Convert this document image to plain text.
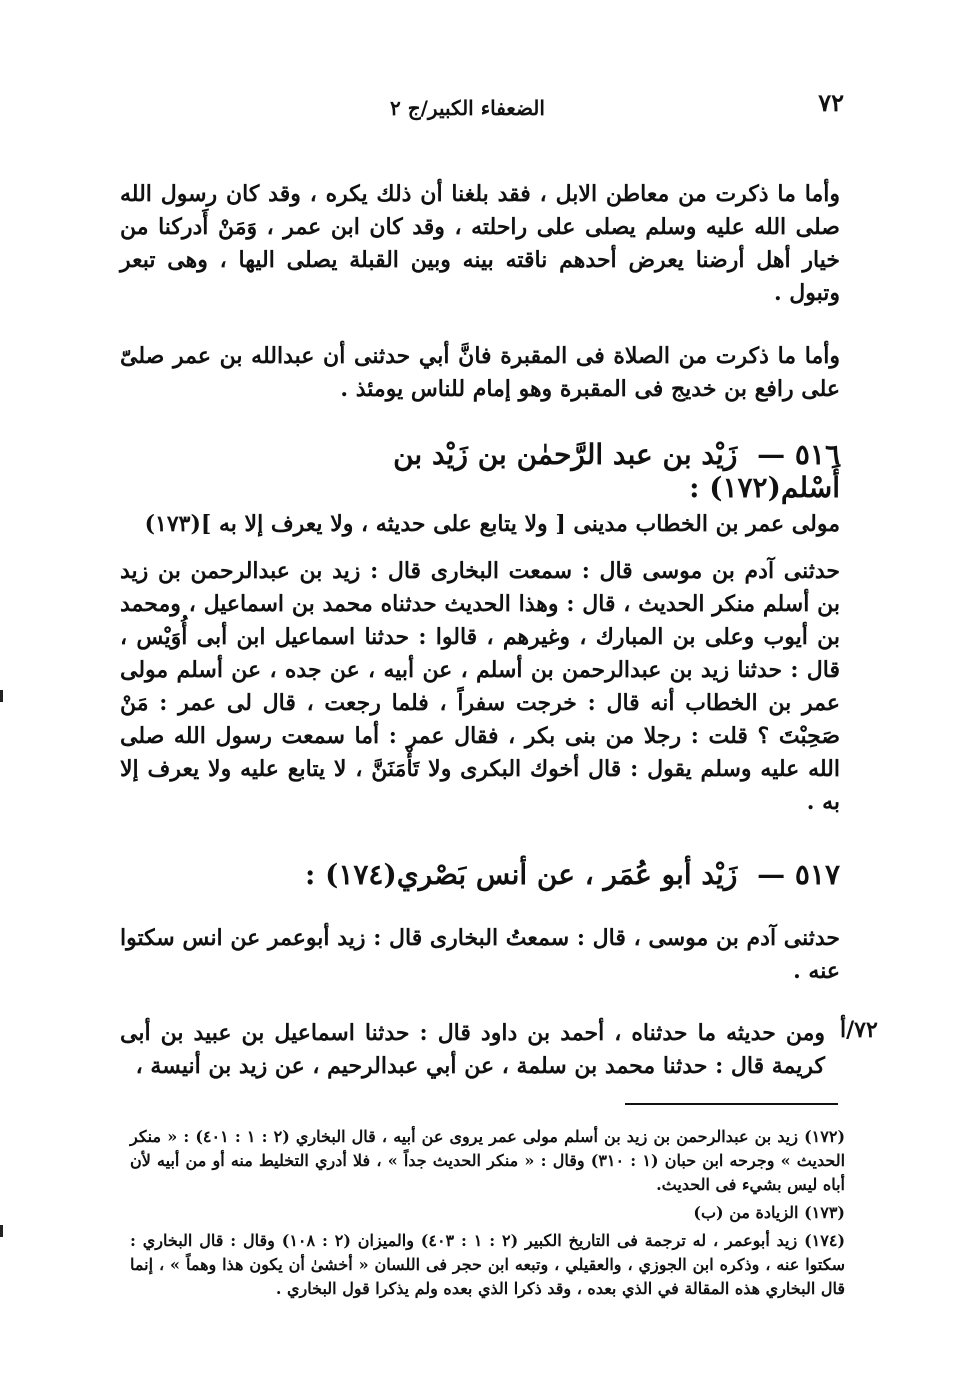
٧٢
الضعفاء الكبير/ج ٢

وأما ما ذكرت من معاطن الابل ، فقد بلغنا أن ذلك يكره ، وقد كان رسول الله صلى الله عليه وسلم يصلى على راحلته ، وقد كان ابن عمر ، وَمَنْ أَدركنا من خيار أهل أرضنا يعرض أحدهم ناقته بينه وبين القبلة يصلى اليها ، وهى تبعر وتبول .

وأما ما ذكرت من الصلاة فى المقبرة فانَّ أبي حدثنى أن عبدالله بن عمر صلىّ على رافع بن خديج فى المقبرة وهو إمام للناس يومئذ .

٥١٦ — زَيْد بن عبد الرَّحمٰن بن زَيْد بن أَسْلم(١٧٢) :

مولى عمر بن الخطاب مدينى [ ولا يتابع على حديثه ، ولا يعرف إلا به ](١٧٣)

حدثنى آدم بن موسى قال : سمعت البخارى قال : زيد بن عبدالرحمن بن زيد بن أسلم منكر الحديث ، قال : وهذا الحديث حدثناه محمد بن اسماعيل ، ومحمد بن أيوب وعلى بن المبارك ، وغيرهم ، قالوا : حدثنا اسماعيل ابن أبى أُوَيْس ، قال : حدثنا زيد بن عبدالرحمن بن أسلم ، عن أبيه ، عن جده ، عن أسلم مولى عمر بن الخطاب أنه قال : خرجت سفراً ، فلما رجعت ، قال لى عمر : مَنْ صَحِبْتَ ؟ قلت : رجلا من بنى بكر ، فقال عمر : أما سمعت رسول الله صلى الله عليه وسلم يقول : قال أخوك البكرى ولا تَأْمَنَنَّ ، لا يتابع عليه ولا يعرف إلا به .

٥١٧ — زَيْد أبو عُمَر ، عن أنس بَصْري(١٧٤) :

حدثنى آدم بن موسى ، قال : سمعتُ البخارى قال : زيد أبوعمر عن انس سكتوا عنه .

ومن حديثه ما حدثناه ، أحمد بن داود قال : حدثنا اسماعيل بن عبيد بن أبى كريمة قال : حدثنا محمد بن سلمة ، عن أبي عبدالرحيم ، عن زيد بن أنيسة ،

٧٢/أ

(١٧٢) زيد بن عبدالرحمن بن زيد بن أسلم مولى عمر يروى عن أبيه ، قال البخاري (٢ : ١ : ٤٠١) : « منكر الحديث » وجرحه ابن حبان (١ : ٣١٠) وقال : « منكر الحديث جداً » ، فلا أدري التخليط منه أو من أبيه لأن أباه ليس بشيء فى الحديث.

(١٧٣) الزيادة من (ب)

(١٧٤) زيد أبوعمر ، له ترجمة فى التاريخ الكبير (٢ : ١ : ٤٠٣) والميزان (٢ : ١٠٨) وقال : قال البخاري : سكتوا عنه ، وذكره ابن الجوزي ، والعقيلي ، وتبعه ابن حجر فى اللسان « أخشىٰ أن يكون هذا وهماً » ، إنما قال البخاري هذه المقالة في الذي بعده ، وقد ذكرا الذي بعده ولم يذكرا قول البخاري .
